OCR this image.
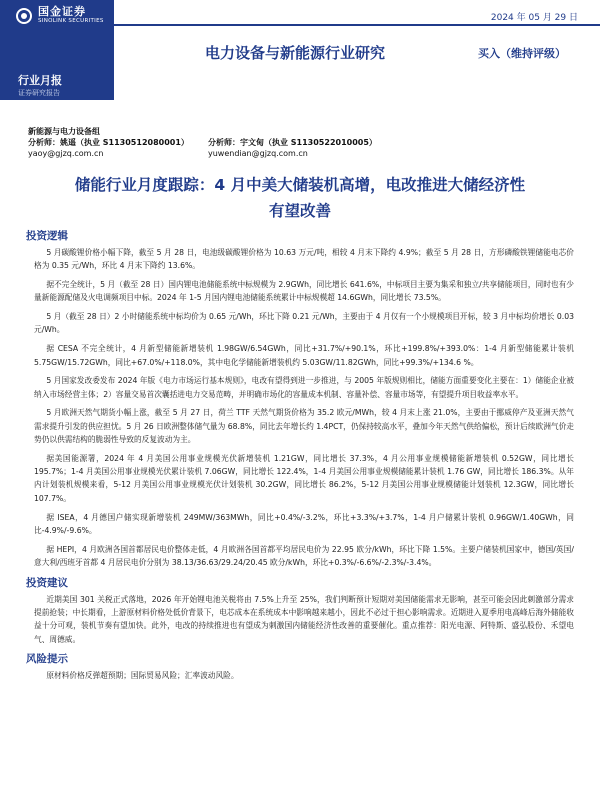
国金证券
SINOLINK SECURITIES
行业月报
证券研究报告
2024 年 05 月 29 日
电力设备与新能源行业研究	买入（维持评级）
新能源与电力设备组
分析师：姚遥（执业 S1130512080001）
yaoy@gjzq.com.cn
分析师：宇文甸（执业 S1130522010005）
yuwendian@gjzq.com.cn
储能行业月度跟踪：4 月中美大储装机高增，电改推进大储经济性
有望改善
投资逻辑

5 月碳酸锂价格小幅下降，截至 5 月 28 日，电池级碳酸锂价格为 10.63 万元/吨，相较 4 月末下降约 4.9%；截至 5 月 28 日，方形磷酸铁锂储能电芯价格为 0.35 元/Wh，环比 4 月末下降约 13.6%。

据不完全统计，5 月（截至 28 日）国内锂电池储能系统中标规模为 2.9GWh，同比增长 641.6%，中标项目主要为集采和独立/共享储能项目，同时也有少量新能源配储及火电调频项目中标。2024 年 1-5 月国内锂电池储能系统累计中标规模超 14.6GWh，同比增长 73.5%。

5 月（截至 28 日）2 小时储能系统中标均价为 0.65 元/Wh，环比下降 0.21 元/Wh，主要由于 4 月仅有一个小规模项目开标，较 3 月中标均价增长 0.03 元/Wh。

据 CESA 不完全统计，4 月新型储能新增装机 1.98GW/6.54GWh，同比+31.7%/+90.1%，环比+199.8%/+393.0%：1-4 月新型储能累计装机 5.75GW/15.72GWh，同比+67.0%/+118.0%，其中电化学储能新增装机约 5.03GW/11.82GWh，同比+99.3%/+134.6 %。

5 月国家发改委发布 2024 年版《电力市场运行基本规则》，电改有望得到进一步推进，与 2005 年版规则相比，储能方面重要变化主要在：1）储能企业被纳入市场经营主体；2）容量交易首次囊括进电力交易范畴，并明确市场化的容量成本机制、容量补偿、容量市场等，有望提升项目收益率水平。

5 月欧洲天然气期货小幅上涨，截至 5 月 27 日，荷兰 TTF 天然气期货价格为 35.2 欧元/MWh，较 4 月末上涨 21.0%，主要由于挪威停产及亚洲天然气需求提升引发的供应担忧。5 月 26 日欧洲整体储气量为 68.8%，同比去年增长约 1.4PCT，仍保持较高水平，叠加今年天然气供给偏松，预计后续欧洲气价走势仍以供需结构的脆弱性导致的反复波动为主。

据美国能源署，2024 年 4 月美国公用事业规模光伏新增装机 1.21GW，同比增长 37.3%，4 月公用事业规模储能新增装机 0.52GW，同比增长 195.7%；1-4 月美国公用事业规模光伏累计装机 7.06GW，同比增长 122.4%，1-4 月美国公用事业规模储能累计装机 1.76 GW，同比增长 186.3%。从年内计划装机规模来看，5-12 月美国公用事业规模光伏计划装机 30.2GW，同比增长 86.2%，5-12 月美国公用事业规模储能计划装机 12.3GW，同比增长 107.7%。

据 ISEA，4 月德国户储实现新增装机 249MW/363MWh，同比+0.4%/-3.2%，环比+3.3%/+3.7%，1-4 月户储累计装机 0.96GW/1.40GWh，同比-4.9%/-9.6%。

据 HEPI，4 月欧洲各国首都居民电价整体走低，4 月欧洲各国首都平均居民电价为 22.95 欧分/kWh，环比下降 1.5%。主要户储装机国家中，德国/英国/意大利/西班牙首都 4 月居民电价分别为 38.13/36.63/29.24/20.45 欧分/kWh，环比+0.3%/-6.6%/-2.3%/-3.4%。

投资建议

近期美国 301 关税正式落地，2026 年开始锂电池关税将由 7.5%上升至 25%，我们判断预计短期对美国储能需求无影响，甚至可能会因此刺激部分需求提前抢装；中长期看，上游原材料价格处低价背景下，电芯成本在系统成本中影响越来越小，因此不必过于担心影响需求。近期进入夏季用电高峰后海外储能收益十分可观，装机节奏有望加快。此外，电改的持续推进也有望成为刺激国内储能经济性改善的重要催化。重点推荐：阳光电源、阿特斯、盛弘股份、禾望电气、周德威。

风险提示

原材料价格反弹超预期；国际贸易风险；汇率波动风险。
